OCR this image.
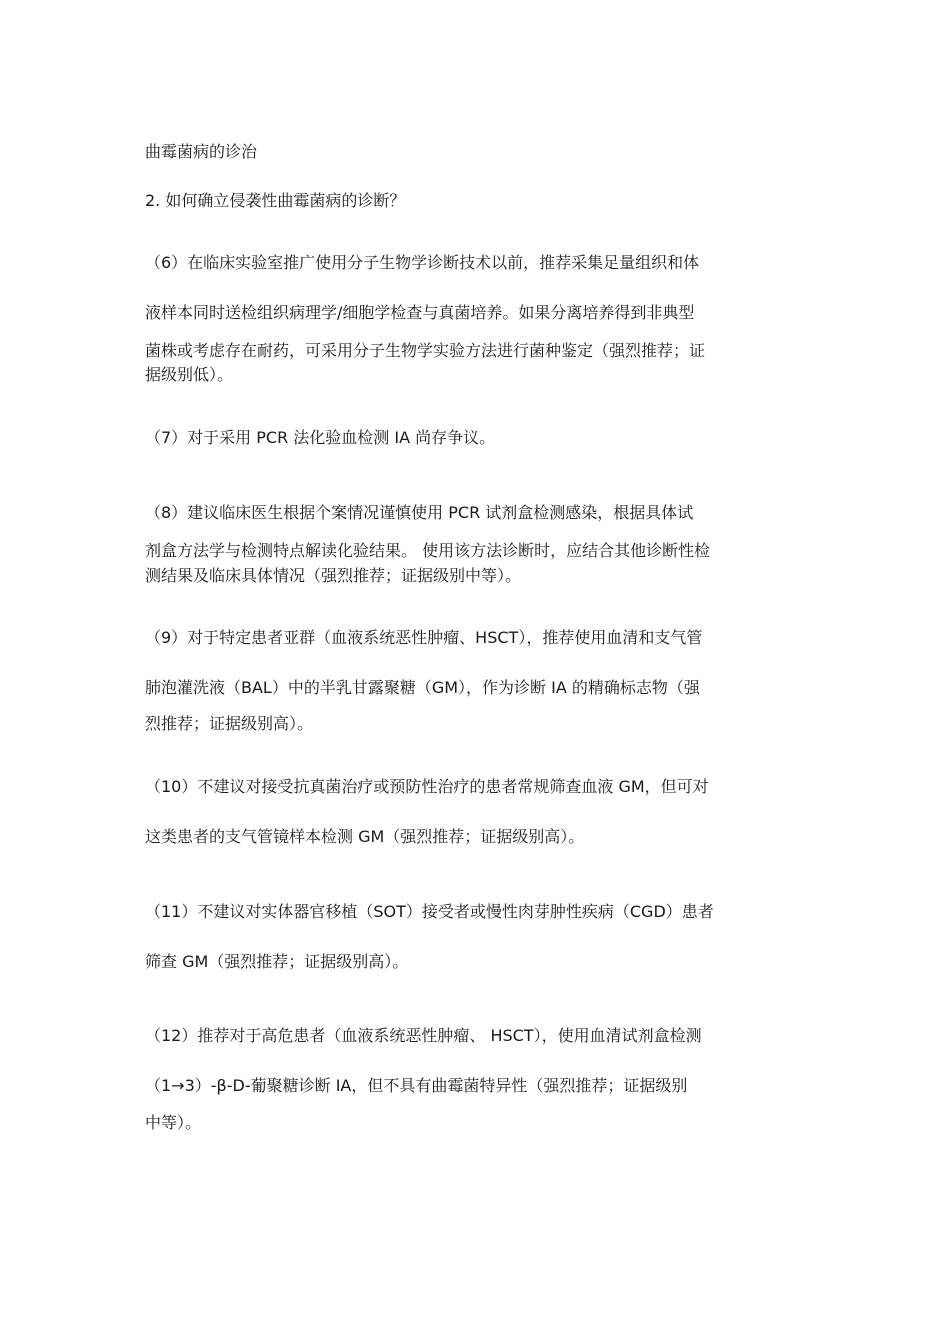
曲霉菌病的诊治
2. 如何确立侵袭性曲霉菌病的诊断？
（6）在临床实验室推广使用分子生物学诊断技术以前，推荐采集足量组织和体
液样本同时送检组织病理学/细胞学检查与真菌培养。如果分离培养得到非典型
菌株或考虑存在耐药，可采用分子生物学实验方法进行菌种鉴定（强烈推荐；证
据级别低）。
（7）对于采用 PCR 法化验血检测 IA 尚存争议。
（8）建议临床医生根据个案情况谨慎使用 PCR 试剂盒检测感染，根据具体试
剂盒方法学与检测特点解读化验结果。 使用该方法诊断时，应结合其他诊断性检
测结果及临床具体情况（强烈推荐；证据级别中等）。
（9）对于特定患者亚群（血液系统恶性肿瘤、HSCT），推荐使用血清和支气管
肺泡灌洗液（BAL）中的半乳甘露聚糖（GM），作为诊断 IA 的精确标志物（强
烈推荐；证据级别高）。
（10）不建议对接受抗真菌治疗或预防性治疗的患者常规筛查血液 GM，但可对
这类患者的支气管镜样本检测 GM（强烈推荐；证据级别高）。
（11）不建议对实体器官移植（SOT）接受者或慢性肉芽肿性疾病（CGD）患者
筛查 GM（强烈推荐；证据级别高）。
（12）推荐对于高危患者（血液系统恶性肿瘤、 HSCT），使用血清试剂盒检测
（1→3）-β-D-葡聚糖诊断 IA，但不具有曲霉菌特异性（强烈推荐；证据级别
中等）。
